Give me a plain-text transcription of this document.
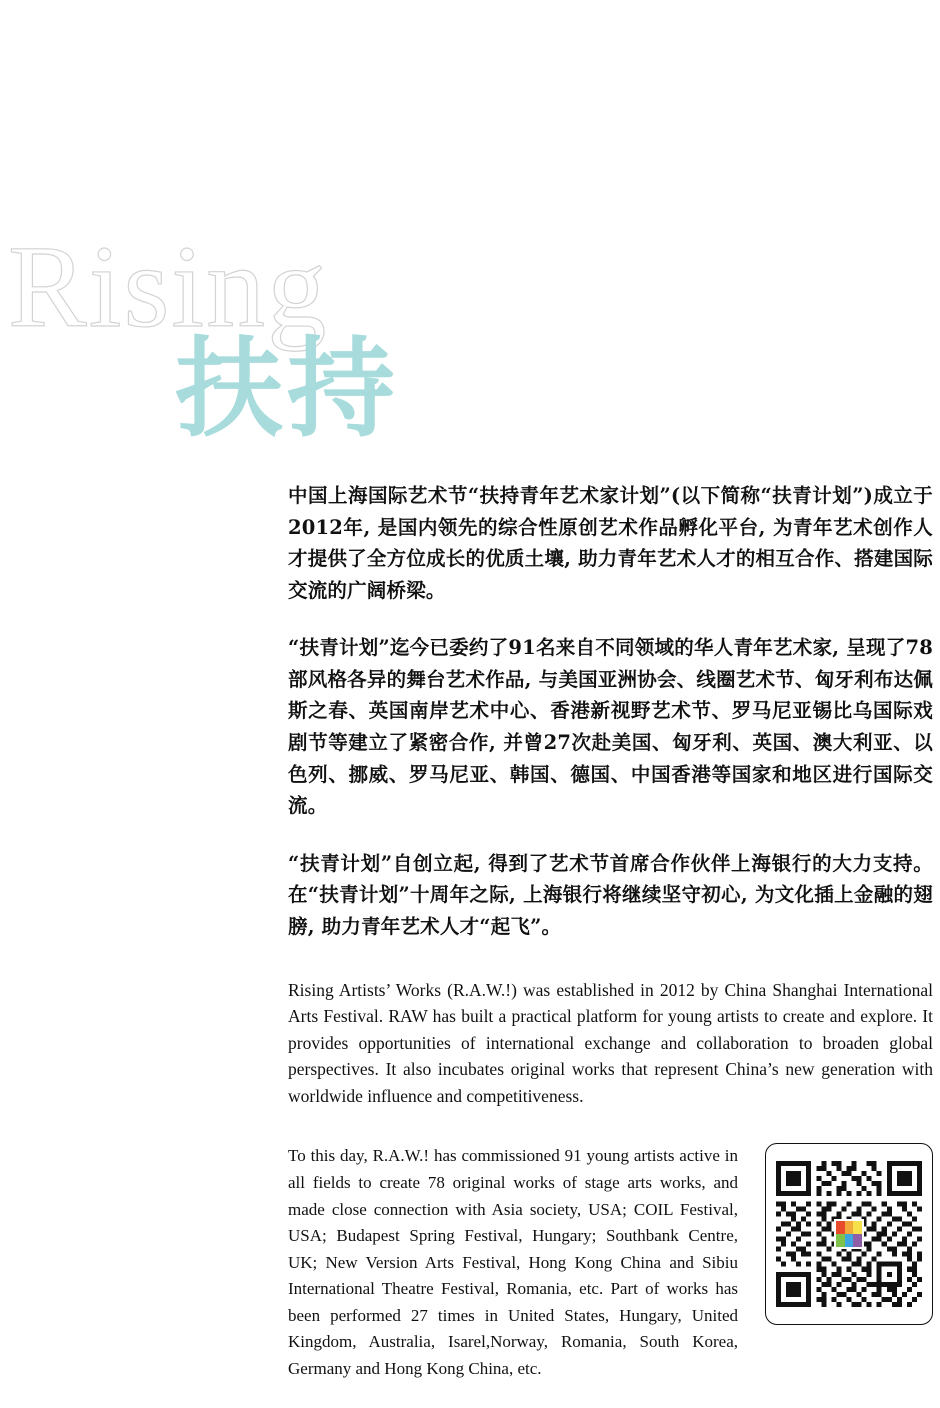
Rising

扶持

中国上海国际艺术节“扶持青年艺术家计划”(以下简称“扶青计划”)成立于2012年, 是国内领先的综合性原创艺术作品孵化平台, 为青年艺术创作人才提供了全方位成长的优质土壤, 助力青年艺术人才的相互合作、搭建国际交流的广阔桥梁。

“扶青计划”迄今已委约了91名来自不同领域的华人青年艺术家, 呈现了78部风格各异的舞台艺术作品, 与美国亚洲协会、线圈艺术节、匈牙利布达佩斯之春、英国南岸艺术中心、香港新视野艺术节、罗马尼亚锡比乌国际戏剧节等建立了紧密合作, 并曾27次赴美国、匈牙利、英国、澳大利亚、以色列、挪威、罗马尼亚、韩国、德国、中国香港等国家和地区进行国际交流。

“扶青计划”自创立起, 得到了艺术节首席合作伙伴上海银行的大力支持。在“扶青计划”十周年之际, 上海银行将继续坚守初心, 为文化插上金融的翅膀, 助力青年艺术人才“起飞”。

Rising Artists’ Works (R.A.W.!) was established in 2012 by China Shanghai International Arts Festival. RAW has built a practical platform for young artists to create and explore. It provides opportunities of international exchange and collaboration to broaden global perspectives. It also incubates original works that represent China’s new generation with worldwide influence and competitiveness.

To this day, R.A.W.! has commissioned 91 young artists active in all fields to create 78 original works of stage arts works, and made close connection with Asia society, USA; COIL Festival, USA; Budapest Spring Festival, Hungary; Southbank Centre, UK; New Version Arts Festival, Hong Kong China and Sibiu International Theatre Festival, Romania, etc. Part of works has been performed 27 times in United States, Hungary, United Kingdom, Australia, Isarel,Norway, Romania, South Korea, Germany and Hong Kong China, etc.
